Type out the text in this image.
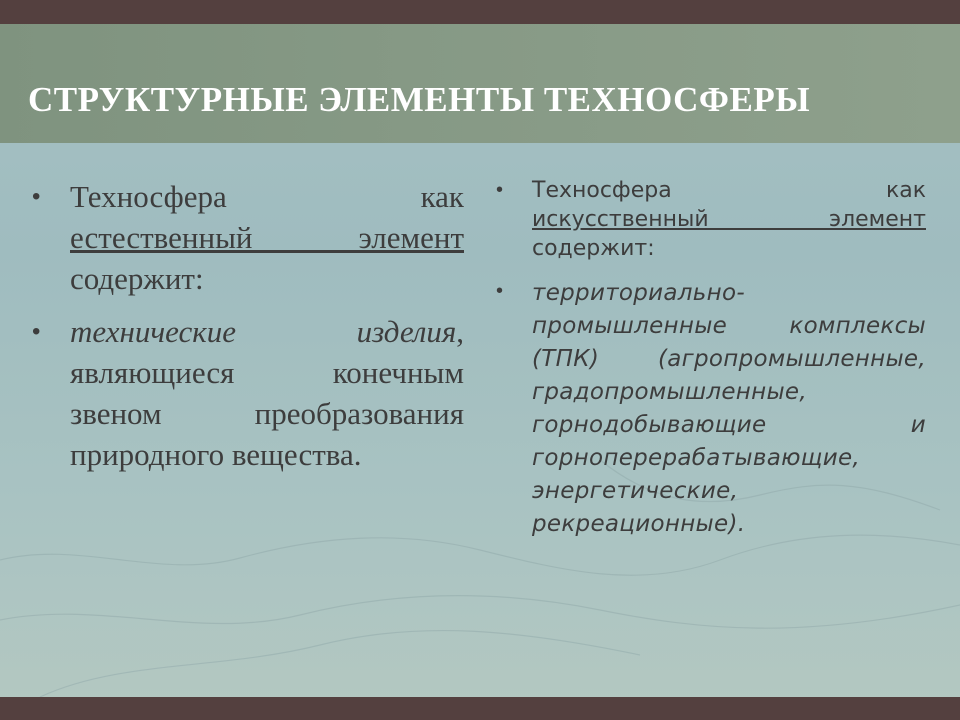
СТРУКТУРНЫЕ ЭЛЕМЕНТЫ ТЕХНОСФЕРЫ
• Техносфера	как
естественный элемент
содержит:
• технические изделия, являющиеся конечным звеном преобразования природного вещества.
• Техносфера	как
искусственный элемент
содержит:
• территориально-промышленные комплексы (ТПК) (агропромышленные, градопромышленные, горнодобывающие и горноперерабатывающие, энергетические, рекреационные).
